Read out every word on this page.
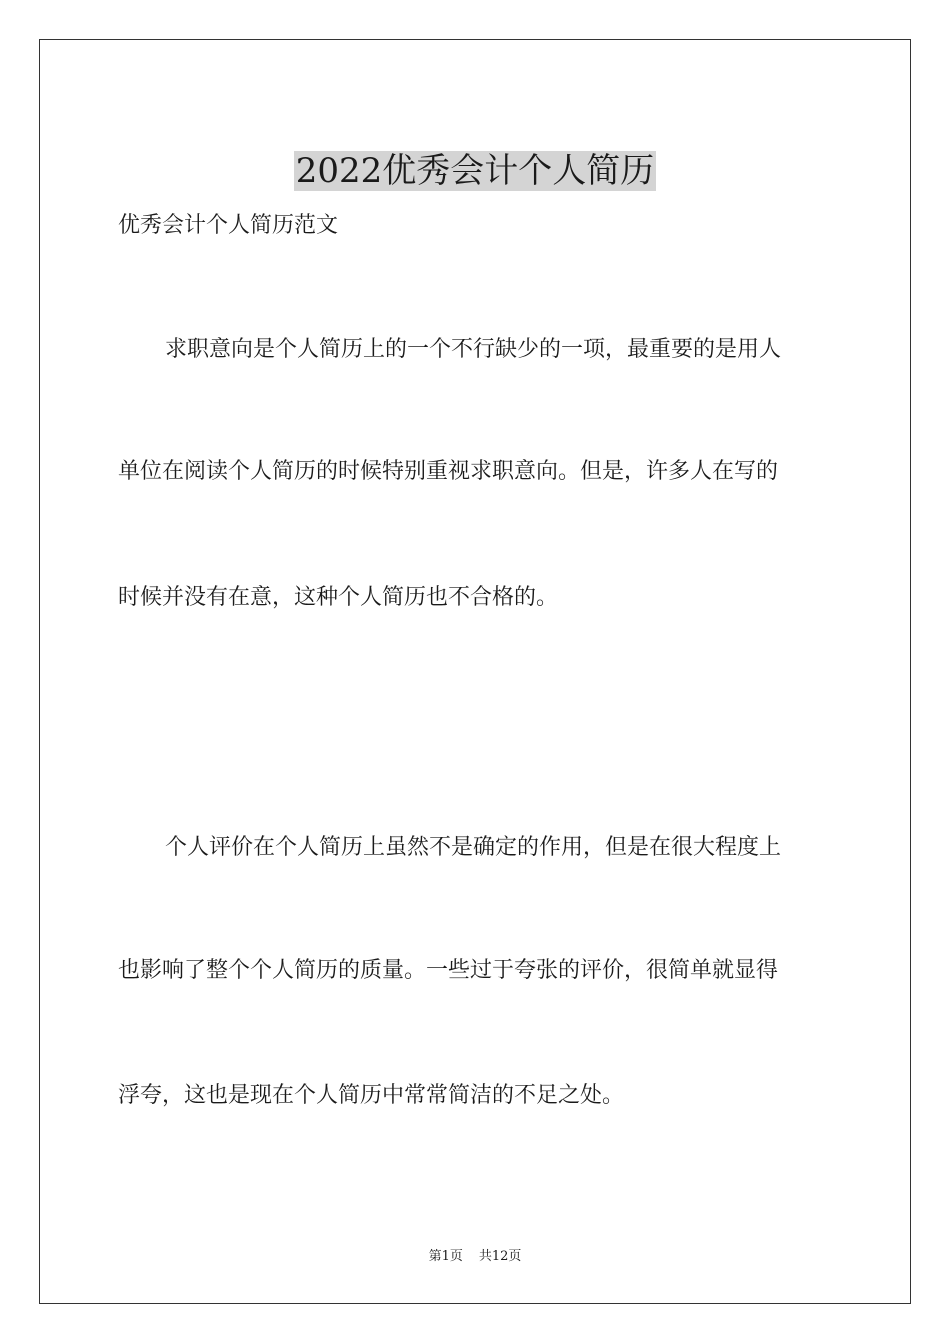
2022优秀会计个人简历
优秀会计个人简历范文
求职意向是个人简历上的一个不行缺少的一项，最重要的是用人
单位在阅读个人简历的时候特别重视求职意向。但是，许多人在写的
时候并没有在意，这种个人简历也不合格的。
个人评价在个人简历上虽然不是确定的作用，但是在很大程度上
也影响了整个个人简历的质量。一些过于夸张的评价，很简单就显得
浮夸，这也是现在个人简历中常常简洁的不足之处。
第1页 共12页
